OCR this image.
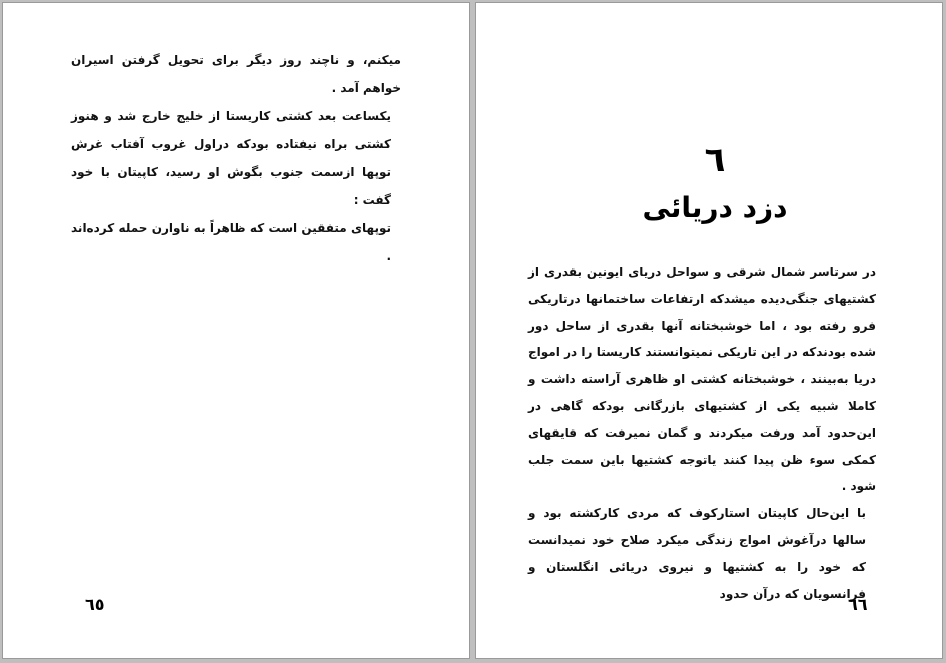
میکنم، و ناچند روز دیگر برای تحویل گرفتن اسیران خواهم آمد .

یکساعت بعد کشتی کاریستا از خلیج خارج شد و هنوز کشتی براه نیفتاده بودکه دراول غروب آفتاب غرش توپها ازسمت جنوب بگوش او رسید، کاپیتان با خود گفت :

توپهای متفقین است که ظاهراً به ناوارن حمله کرده‌اند .

٦٥
٦
دزد دریائی

در سرتاسر شمال شرقی و سواحل دریای ایونین بقدری از کشتیهای جنگی‌دیده میشدکه ارتفاعات ساختمانها درتاریکی فرو رفته بود ، اما خوشبختانه آنها بقدری از ساحل دور شده بودندکه در این تاریکی نمیتوانستند کاریستا را در امواج دریا به‌بینند ، خوشبختانه کشتی او ظاهری آراسته داشت و کاملا شبیه یکی از کشتیهای بازرگانی بودکه گاهی در این‌حدود آمد ورفت میکردند و گمان نمیرفت که قایقهای کمکی سوء ظن پیدا کنند یاتوجه کشتیها باین سمت جلب شود .

با این‌حال کاپیتان استارکوف که مردی کارکشته بود و سالها درآغوش امواج زندگی میکرد صلاح خود نمیدانست که خود را به کشتیها و نیروی دریائی انگلستان و فرانسویان که درآن حدود

٦٦
